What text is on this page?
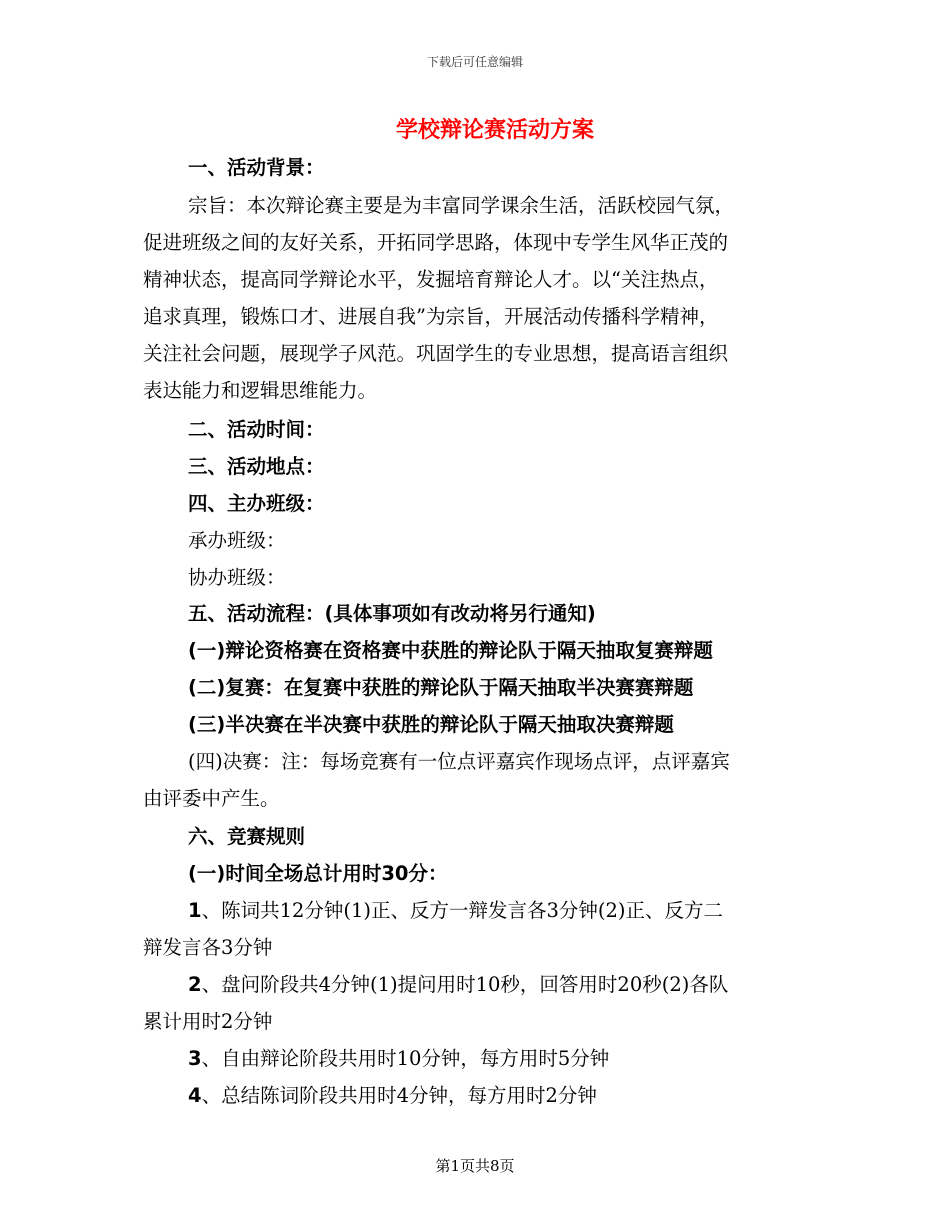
下载后可任意编辑
学校辩论赛活动方案
一、活动背景：
宗旨：本次辩论赛主要是为丰富同学课余生活，活跃校园气氛，
促进班级之间的友好关系，开拓同学思路，体现中专学生风华正茂的
精神状态，提高同学辩论水平，发掘培育辩论人才。以“关注热点，
追求真理，锻炼口才、进展自我”为宗旨，开展活动传播科学精神，
关注社会问题，展现学子风范。巩固学生的专业思想，提高语言组织
表达能力和逻辑思维能力。
二、活动时间：
三、活动地点：
四、主办班级：
承办班级：
协办班级：
五、活动流程：(具体事项如有改动将另行通知)
(一)辩论资格赛在资格赛中获胜的辩论队于隔天抽取复赛辩题
(二)复赛：在复赛中获胜的辩论队于隔天抽取半决赛赛辩题
(三)半决赛在半决赛中获胜的辩论队于隔天抽取决赛辩题
(四)决赛：注：每场竞赛有一位点评嘉宾作现场点评，点评嘉宾
由评委中产生。
六、竞赛规则
(一)时间全场总计用时30分：
1、陈词共12分钟(1)正、反方一辩发言各3分钟(2)正、反方二
辩发言各3分钟
2、盘问阶段共4分钟(1)提问用时10秒，回答用时20秒(2)各队
累计用时2分钟
3、自由辩论阶段共用时10分钟，每方用时5分钟
4、总结陈词阶段共用时4分钟，每方用时2分钟
第1页共8页
